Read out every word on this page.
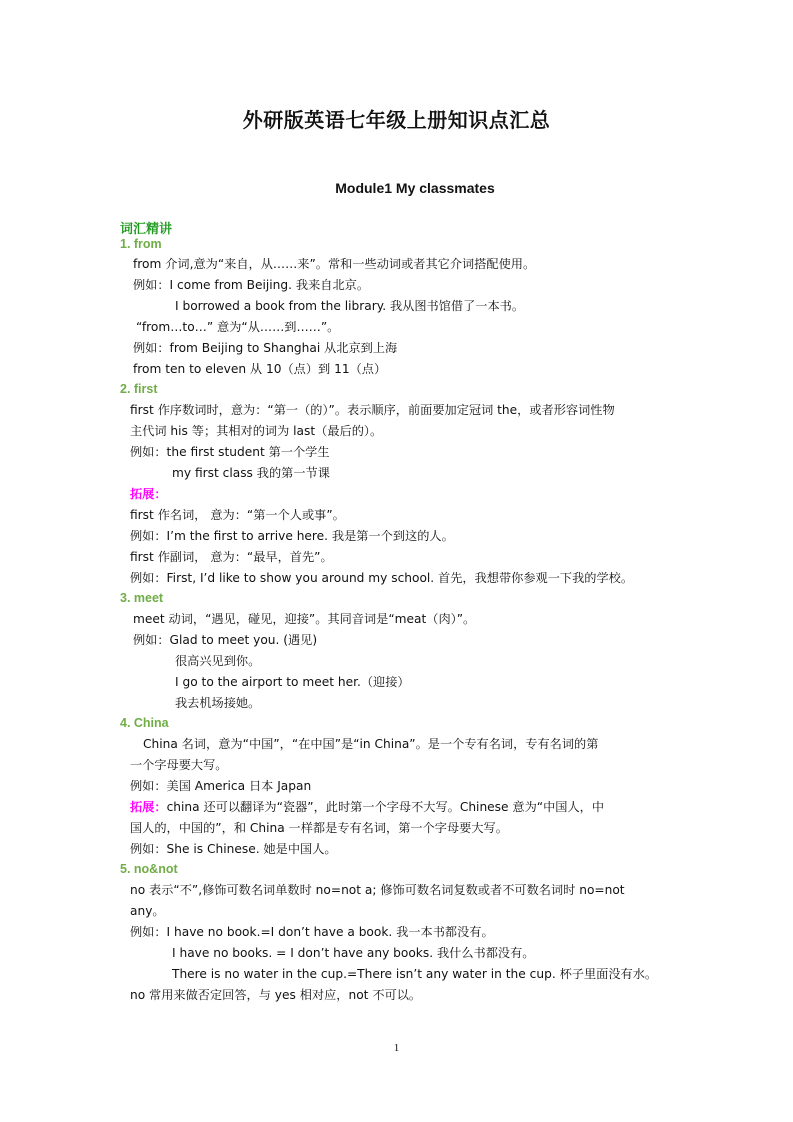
外研版英语七年级上册知识点汇总
Module1 My classmates
词汇精讲
1. from
from 介词,意为“来自，从……来”。常和一些动词或者其它介词搭配使用。
例如：I come from Beijing. 我来自北京。
I borrowed a book from the library. 我从图书馆借了一本书。
“from…to…” 意为“从……到……”。
例如：from Beijing to Shanghai 从北京到上海
from ten to eleven 从 10（点）到 11（点）
2. first
first 作序数词时，意为：“第一（的）”。表示顺序，前面要加定冠词 the，或者形容词性物
主代词 his 等；其相对的词为 last（最后的）。
例如：the first student 第一个学生
my first class 我的第一节课
拓展：
first 作名词， 意为：“第一个人或事”。
例如：I’m the first to arrive here. 我是第一个到这的人。
first 作副词， 意为：“最早，首先”。
例如：First, I’d like to show you around my school. 首先，我想带你参观一下我的学校。
3. meet
meet 动词，“遇见，碰见，迎接”。其同音词是“meat（肉）”。
例如：Glad to meet you. (遇见)
很高兴见到你。
I go to the airport to meet her.（迎接）
我去机场接她。
4. China
China 名词，意为“中国”，“在中国”是“in China”。是一个专有名词，专有名词的第
一个字母要大写。
例如：美国 America 日本 Japan
拓展：china 还可以翻译为“瓷器”，此时第一个字母不大写。Chinese 意为“中国人，中
国人的，中国的”，和 China 一样都是专有名词，第一个字母要大写。
例如：She is Chinese. 她是中国人。
5. no&not
no 表示“不”,修饰可数名词单数时 no=not a; 修饰可数名词复数或者不可数名词时 no=not
any。
例如：I have no book.=I don’t have a book. 我一本书都没有。
I have no books. = I don’t have any books. 我什么书都没有。
There is no water in the cup.=There isn’t any water in the cup. 杯子里面没有水。
no 常用来做否定回答，与 yes 相对应，not 不可以。
1
